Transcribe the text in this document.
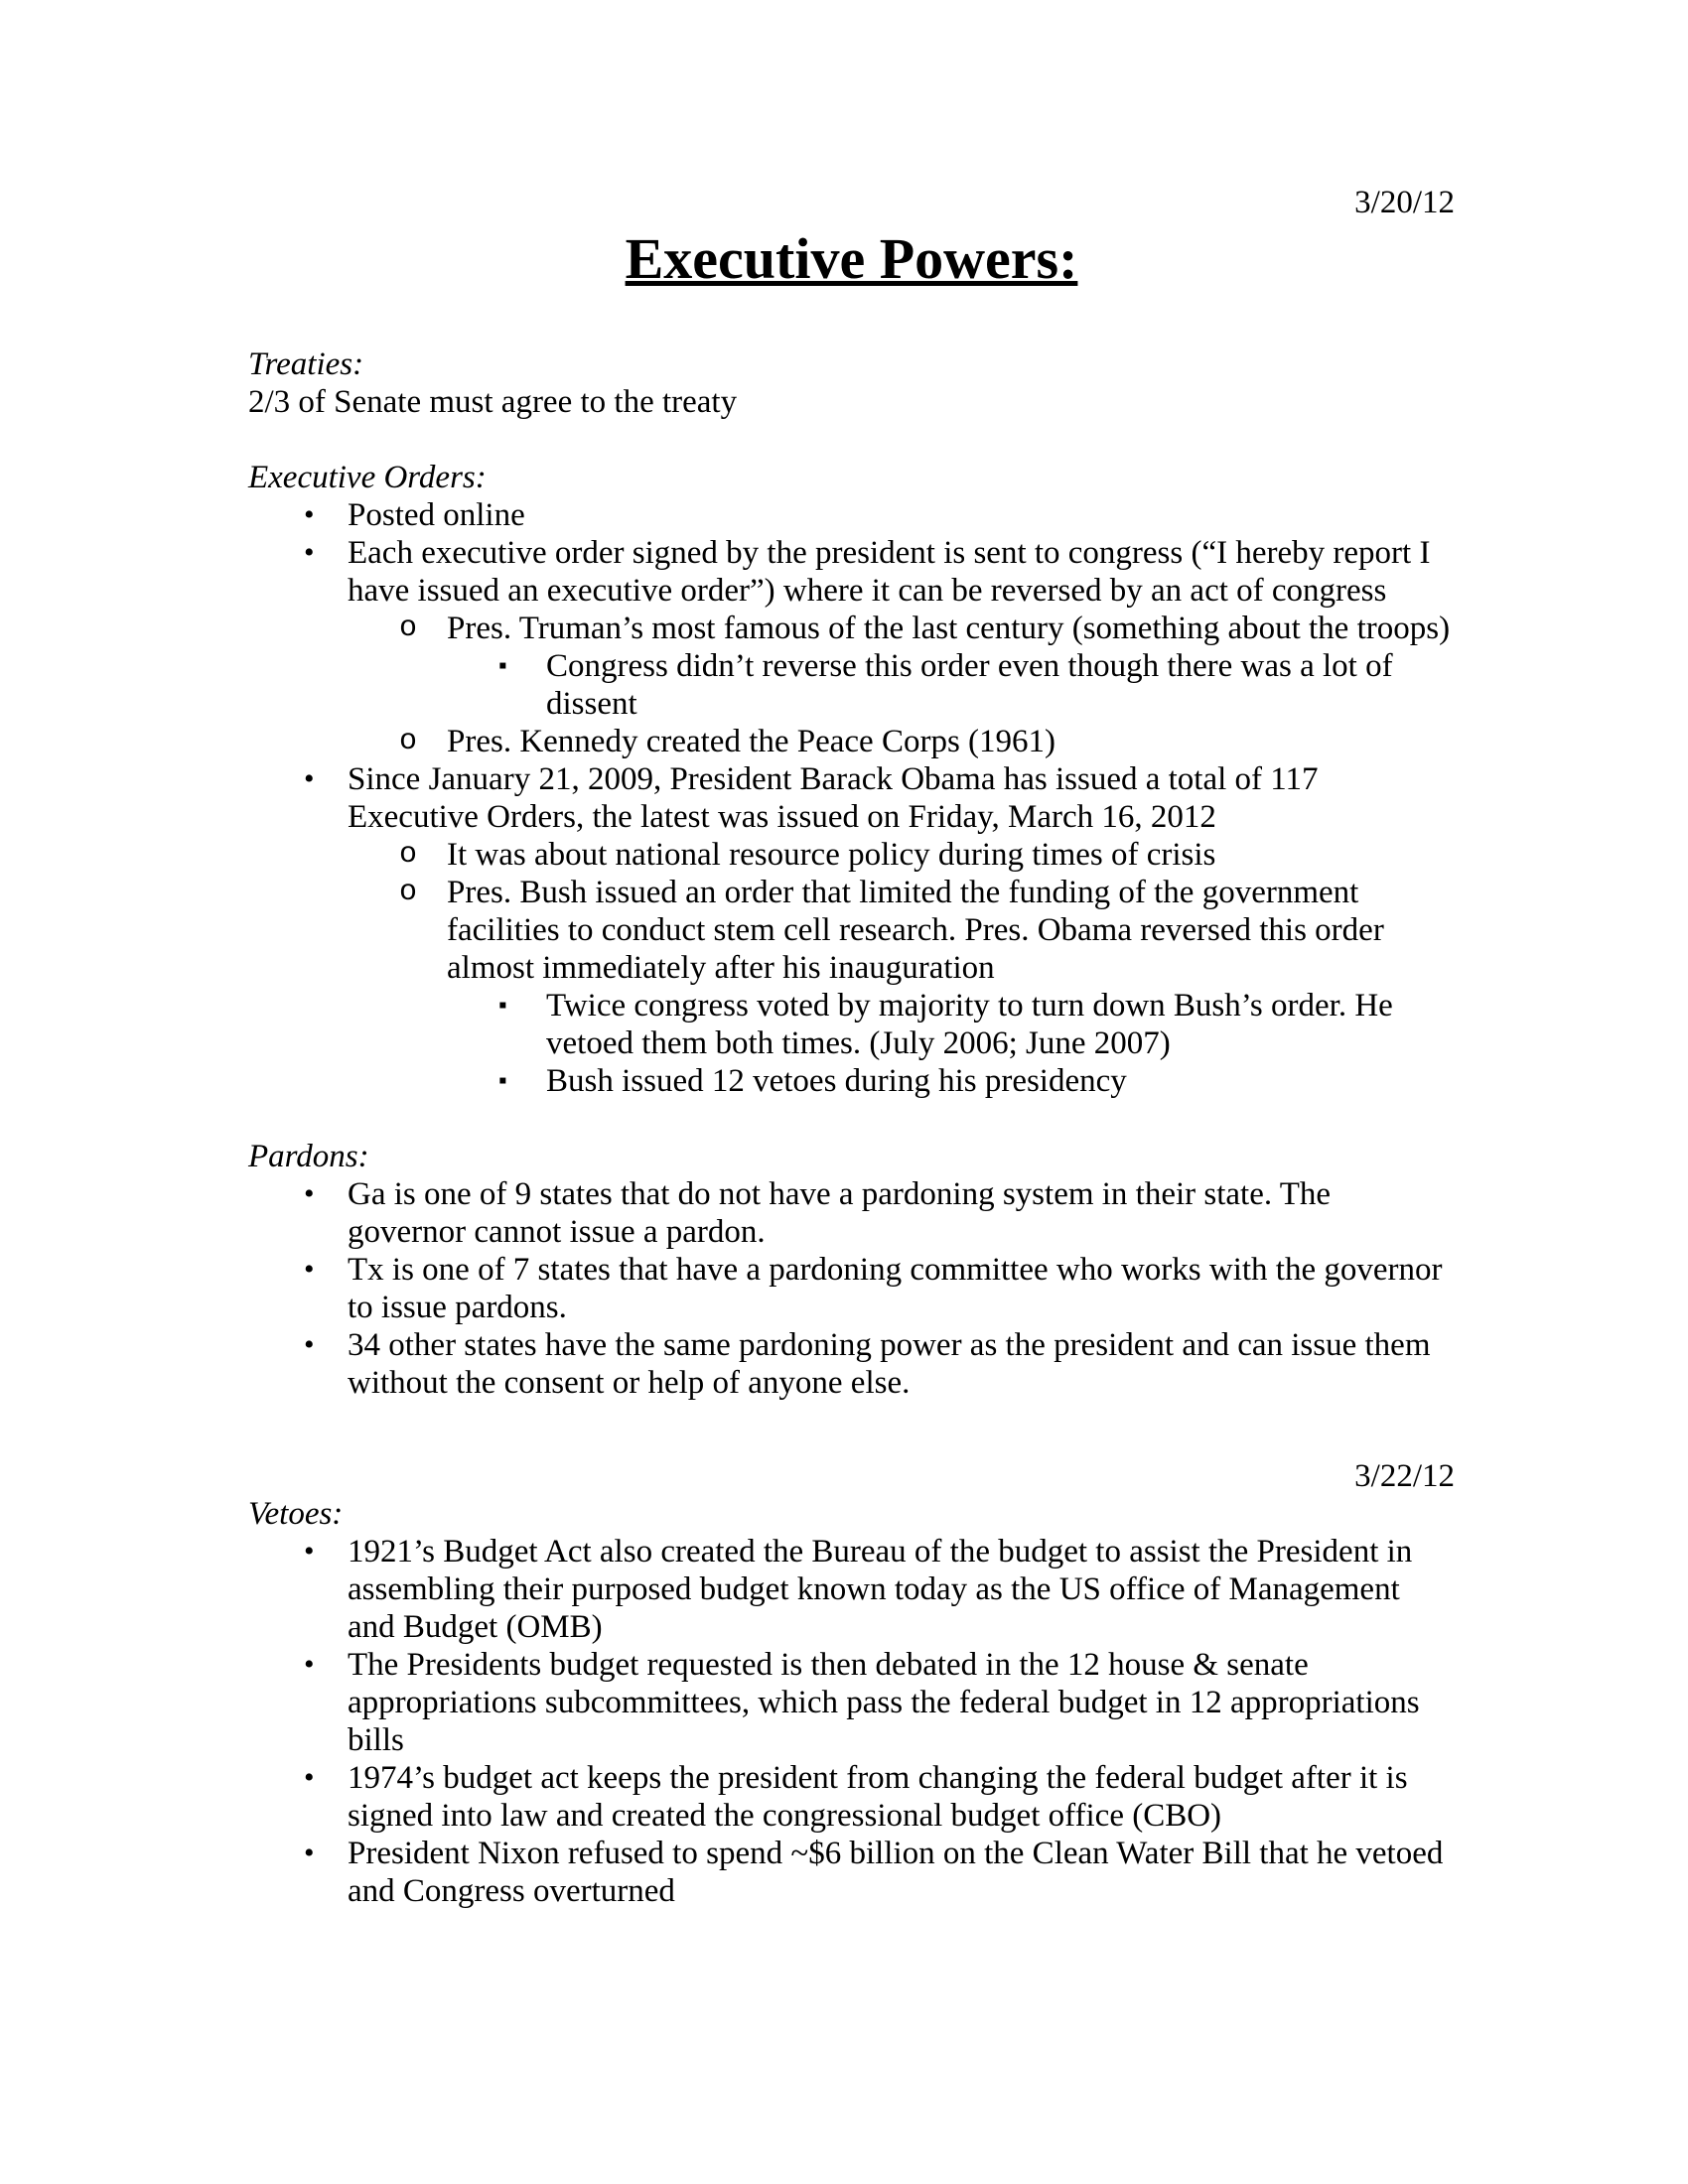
3/20/12
Executive Powers:
Treaties:
2/3 of Senate must agree to the treaty
Executive Orders:
• Posted online
• Each executive order signed by the president is sent to congress (“I hereby report I have issued an executive order”) where it can be reversed by an act of congress
o Pres. Truman’s most famous of the last century (something about the troops)
▪ Congress didn’t reverse this order even though there was a lot of dissent
o Pres. Kennedy created the Peace Corps (1961)
• Since January 21, 2009, President Barack Obama has issued a total of 117 Executive Orders, the latest was issued on Friday, March 16, 2012
o It was about national resource policy during times of crisis
o Pres. Bush issued an order that limited the funding of the government facilities to conduct stem cell research. Pres. Obama reversed this order almost immediately after his inauguration
▪ Twice congress voted by majority to turn down Bush’s order. He vetoed them both times. (July 2006; June 2007)
▪ Bush issued 12 vetoes during his presidency
Pardons:
• Ga is one of 9 states that do not have a pardoning system in their state. The governor cannot issue a pardon.
• Tx is one of 7 states that have a pardoning committee who works with the governor to issue pardons.
• 34 other states have the same pardoning power as the president and can issue them without the consent or help of anyone else.
3/22/12
Vetoes:
• 1921’s Budget Act also created the Bureau of the budget to assist the President in assembling their purposed budget known today as the US office of Management and Budget (OMB)
• The Presidents budget requested is then debated in the 12 house & senate appropriations subcommittees, which pass the federal budget in 12 appropriations bills
• 1974’s budget act keeps the president from changing the federal budget after it is signed into law and created the congressional budget office (CBO)
• President Nixon refused to spend ~$6 billion on the Clean Water Bill that he vetoed and Congress overturned
